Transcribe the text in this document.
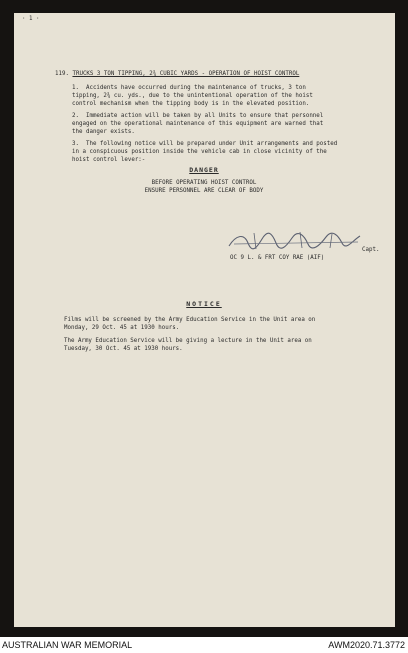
· 1 ·
119. TRUCKS 3 TON TIPPING, 2¾ CUBIC YARDS - OPERATION OF HOIST CONTROL
1.  Accidents have occurred during the maintenance of trucks, 3 ton
tipping, 2¾ cu. yds., due to the unintentional operation of the hoist
control mechanism when the tipping body is in the elevated position.
2.  Immediate action will be taken by all Units to ensure that personnel
engaged on the operational maintenance of this equipment are warned that
the danger exists.
3.  The following notice will be prepared under Unit arrangements and posted
in a conspicuous position inside the vehicle cab in close vicinity of the
hoist control lever:-
DANGER
BEFORE OPERATING HOIST CONTROL
ENSURE PERSONNEL ARE CLEAR OF BODY
Capt.
OC 9 L. & FRT COY RAE (AIF)
NOTICE
Films will be screened by the Army Education Service in the Unit area on
Monday, 29 Oct. 45 at 1930 hours.
The Army Education Service will be giving a lecture in the Unit area on
Tuesday, 30 Oct. 45 at 1930 hours.
AUSTRALIAN WAR MEMORIAL	AWM2020.71.3772
